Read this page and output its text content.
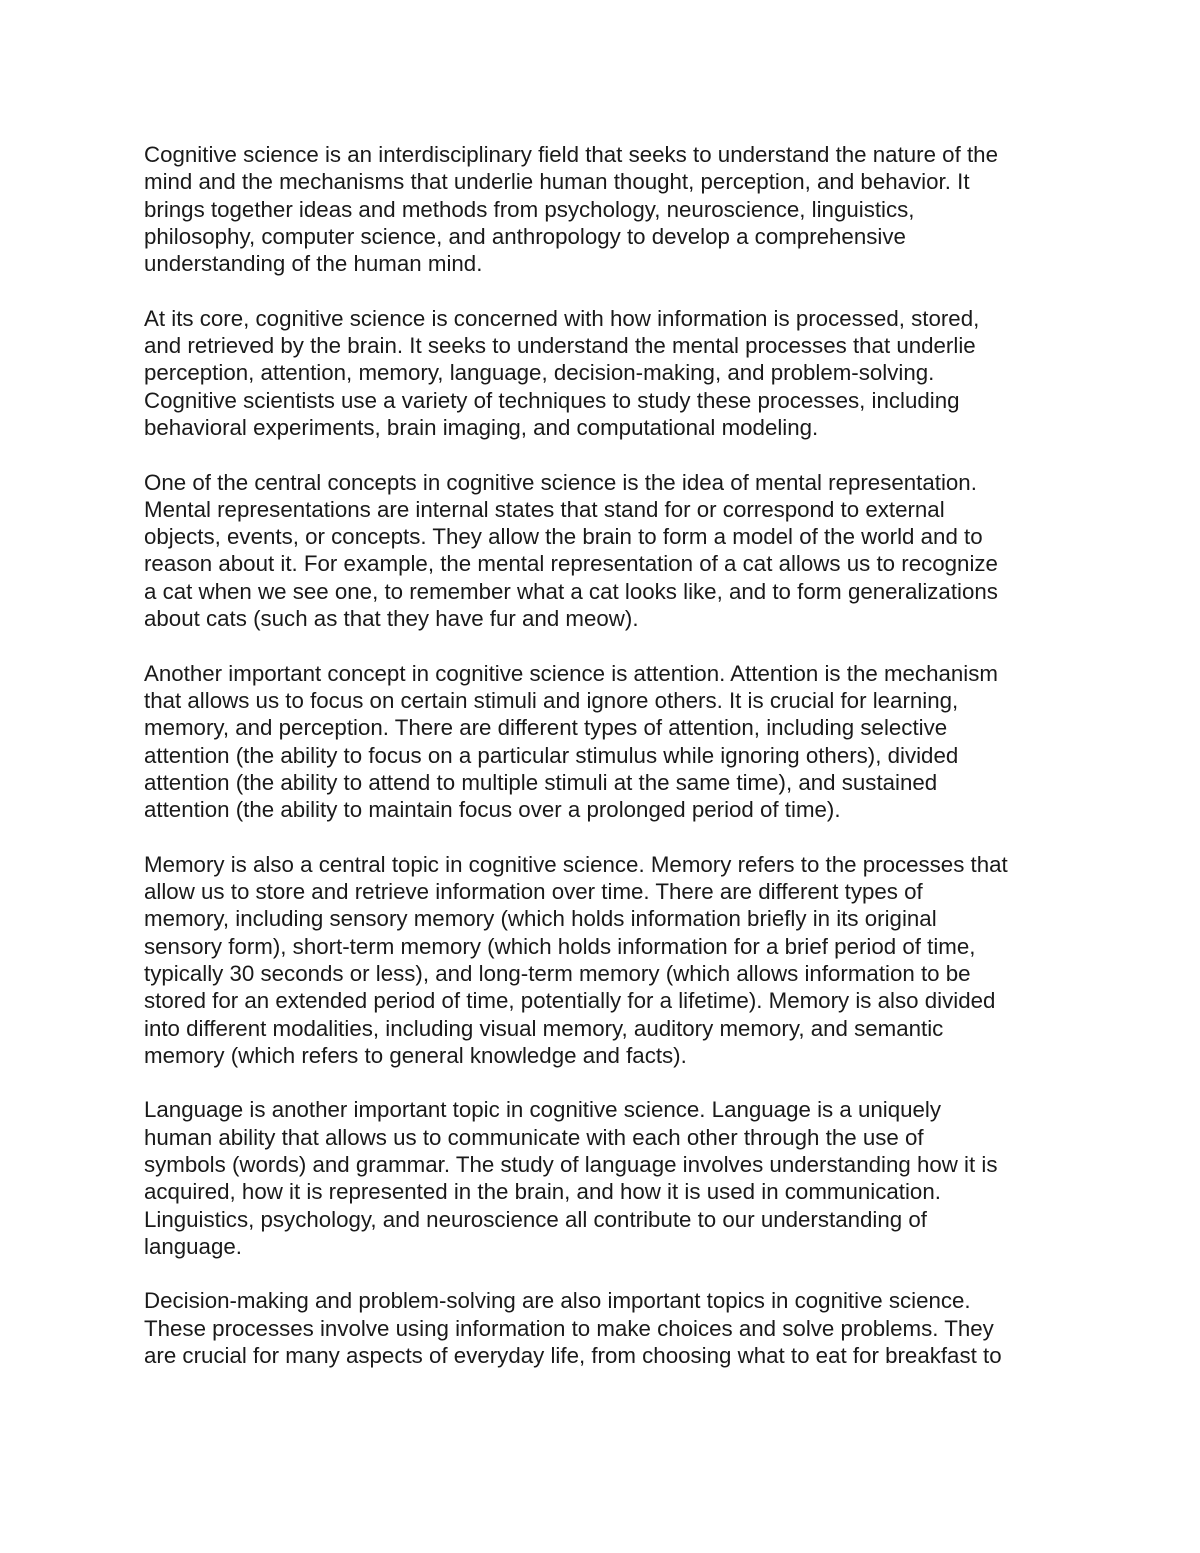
Cognitive science is an interdisciplinary field that seeks to understand the nature of the
mind and the mechanisms that underlie human thought, perception, and behavior. It
brings together ideas and methods from psychology, neuroscience, linguistics,
philosophy, computer science, and anthropology to develop a comprehensive
understanding of the human mind.
At its core, cognitive science is concerned with how information is processed, stored,
and retrieved by the brain. It seeks to understand the mental processes that underlie
perception, attention, memory, language, decision-making, and problem-solving.
Cognitive scientists use a variety of techniques to study these processes, including
behavioral experiments, brain imaging, and computational modeling.
One of the central concepts in cognitive science is the idea of mental representation.
Mental representations are internal states that stand for or correspond to external
objects, events, or concepts. They allow the brain to form a model of the world and to
reason about it. For example, the mental representation of a cat allows us to recognize
a cat when we see one, to remember what a cat looks like, and to form generalizations
about cats (such as that they have fur and meow).
Another important concept in cognitive science is attention. Attention is the mechanism
that allows us to focus on certain stimuli and ignore others. It is crucial for learning,
memory, and perception. There are different types of attention, including selective
attention (the ability to focus on a particular stimulus while ignoring others), divided
attention (the ability to attend to multiple stimuli at the same time), and sustained
attention (the ability to maintain focus over a prolonged period of time).
Memory is also a central topic in cognitive science. Memory refers to the processes that
allow us to store and retrieve information over time. There are different types of
memory, including sensory memory (which holds information briefly in its original
sensory form), short-term memory (which holds information for a brief period of time,
typically 30 seconds or less), and long-term memory (which allows information to be
stored for an extended period of time, potentially for a lifetime). Memory is also divided
into different modalities, including visual memory, auditory memory, and semantic
memory (which refers to general knowledge and facts).
Language is another important topic in cognitive science. Language is a uniquely
human ability that allows us to communicate with each other through the use of
symbols (words) and grammar. The study of language involves understanding how it is
acquired, how it is represented in the brain, and how it is used in communication.
Linguistics, psychology, and neuroscience all contribute to our understanding of
language.
Decision-making and problem-solving are also important topics in cognitive science.
These processes involve using information to make choices and solve problems. They
are crucial for many aspects of everyday life, from choosing what to eat for breakfast to
